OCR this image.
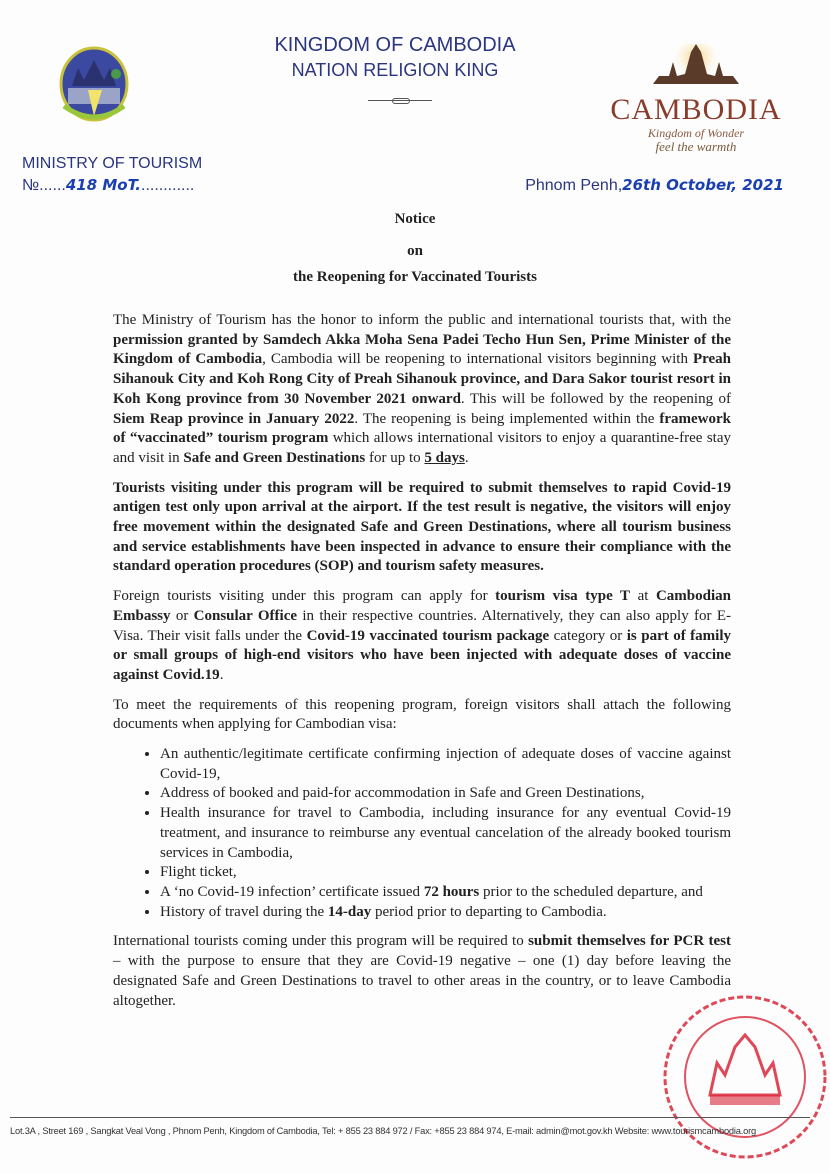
KINGDOM OF CAMBODIA
NATION RELIGION KING
CAMBODIA
Kingdom of Wonder
feel the warmth
MINISTRY OF TOURISM
№......418 MoT.............	Phnom Penh,26th October, 2021
Notice
on
the Reopening for Vaccinated Tourists

The Ministry of Tourism has the honor to inform the public and international tourists that, with the permission granted by Samdech Akka Moha Sena Padei Techo Hun Sen, Prime Minister of the Kingdom of Cambodia, Cambodia will be reopening to international visitors beginning with Preah Sihanouk City and Koh Rong City of Preah Sihanouk province, and Dara Sakor tourist resort in Koh Kong province from 30 November 2021 onward. This will be followed by the reopening of Siem Reap province in January 2022. The reopening is being implemented within the framework of “vaccinated” tourism program which allows international visitors to enjoy a quarantine-free stay and visit in Safe and Green Destinations for up to 5 days.

Tourists visiting under this program will be required to submit themselves to rapid Covid-19 antigen test only upon arrival at the airport. If the test result is negative, the visitors will enjoy free movement within the designated Safe and Green Destinations, where all tourism business and service establishments have been inspected in advance to ensure their compliance with the standard operation procedures (SOP) and tourism safety measures.

Foreign tourists visiting under this program can apply for tourism visa type T at Cambodian Embassy or Consular Office in their respective countries. Alternatively, they can also apply for E-Visa. Their visit falls under the Covid-19 vaccinated tourism package category or is part of family or small groups of high-end visitors who have been injected with adequate doses of vaccine against Covid.19.

To meet the requirements of this reopening program, foreign visitors shall attach the following documents when applying for Cambodian visa:

• An authentic/legitimate certificate confirming injection of adequate doses of vaccine against Covid-19,
• Address of booked and paid-for accommodation in Safe and Green Destinations,
• Health insurance for travel to Cambodia, including insurance for any eventual Covid-19 treatment, and insurance to reimburse any eventual cancelation of the already booked tourism services in Cambodia,
• Flight ticket,
• A ‘no Covid-19 infection’ certificate issued 72 hours prior to the scheduled departure, and
• History of travel during the 14-day period prior to departing to Cambodia.

International tourists coming under this program will be required to submit themselves for PCR test – with the purpose to ensure that they are Covid-19 negative – one (1) day before leaving the designated Safe and Green Destinations to travel to other areas in the country, or to leave Cambodia altogether.

Lot.3A , Street 169 , Sangkat Veal Vong , Phnom Penh, Kingdom of Cambodia, Tel: + 855 23 884 972 / Fax: +855 23 884 974, E-mail: admin@mot.gov.kh Website: www.tourismcambodia.org
